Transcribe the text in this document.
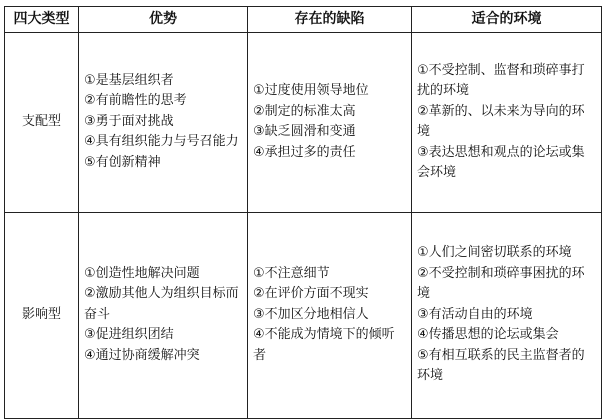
四大类型	优势	存在的缺陷	适合的环境
支配型	①是基层组织者
②有前瞻性的思考
③勇于面对挑战
④具有组织能力与号召能力
⑤有创新精神	①过度使用领导地位
②制定的标准太高
③缺乏圆滑和变通
④承担过多的责任	①不受控制、监督和琐碎事打扰的环境
②革新的、以未来为导向的环境
③表达思想和观点的论坛或集会环境

影响型	①创造性地解决问题
②激励其他人为组织目标而奋斗
③促进组织团结
④通过协商缓解冲突	①不注意细节
②在评价方面不现实
③不加区分地相信人
④不能成为情境下的倾听者	①人们之间密切联系的环境
②不受控制和琐碎事困扰的环境
③有活动自由的环境
④传播思想的论坛或集会
⑤有相互联系的民主监督者的环境
